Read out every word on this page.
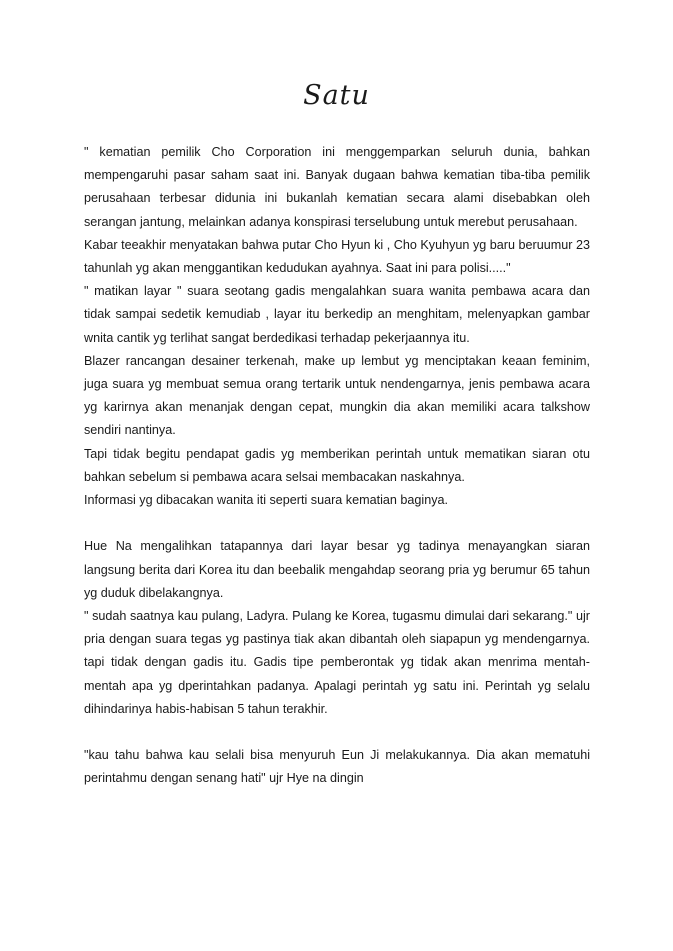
Satu

" kematian pemilik Cho Corporation ini menggemparkan seluruh dunia, bahkan mempengaruhi pasar saham saat ini. Banyak dugaan bahwa kematian tiba-tiba pemilik perusahaan terbesar didunia ini bukanlah kematian secara alami disebabkan oleh serangan jantung, melainkan adanya konspirasi terselubung untuk merebut perusahaan.

Kabar teeakhir menyatakan bahwa putar Cho Hyun ki , Cho Kyuhyun yg baru beruumur 23 tahunlah yg akan menggantikan kedudukan ayahnya. Saat ini para polisi....."

" matikan layar " suara seotang gadis mengalahkan suara wanita pembawa acara dan tidak sampai sedetik kemudiab , layar itu berkedip an menghitam, melenyapkan gambar wnita cantik yg terlihat sangat berdedikasi terhadap pekerjaannya itu.

Blazer rancangan desainer terkenah, make up lembut yg menciptakan keaan feminim, juga suara yg membuat semua orang tertarik untuk nendengarnya, jenis pembawa acara yg karirnya akan menanjak dengan cepat, mungkin dia akan memiliki acara talkshow sendiri nantinya.

Tapi tidak begitu pendapat gadis yg memberikan perintah untuk mematikan siaran otu bahkan sebelum si pembawa acara selsai membacakan naskahnya.

Informasi yg dibacakan wanita iti seperti suara kematian baginya.

Hue Na mengalihkan tatapannya dari layar besar yg tadinya menayangkan siaran langsung berita dari Korea itu dan beebalik mengahdap seorang pria yg berumur 65 tahun yg duduk dibelakangnya.

" sudah saatnya kau pulang, Ladyra. Pulang ke Korea, tugasmu dimulai dari sekarang." ujr pria dengan suara tegas yg pastinya tiak akan dibantah oleh siapapun yg mendengarnya. tapi tidak dengan gadis itu. Gadis tipe pemberontak yg tidak akan menrima mentah-mentah apa yg dperintahkan padanya. Apalagi perintah yg satu ini. Perintah yg selalu dihindarinya habis-habisan 5 tahun terakhir.

"kau tahu bahwa kau selali bisa menyuruh Eun Ji melakukannya. Dia akan mematuhi perintahmu dengan senang hati" ujr Hye na dingin
